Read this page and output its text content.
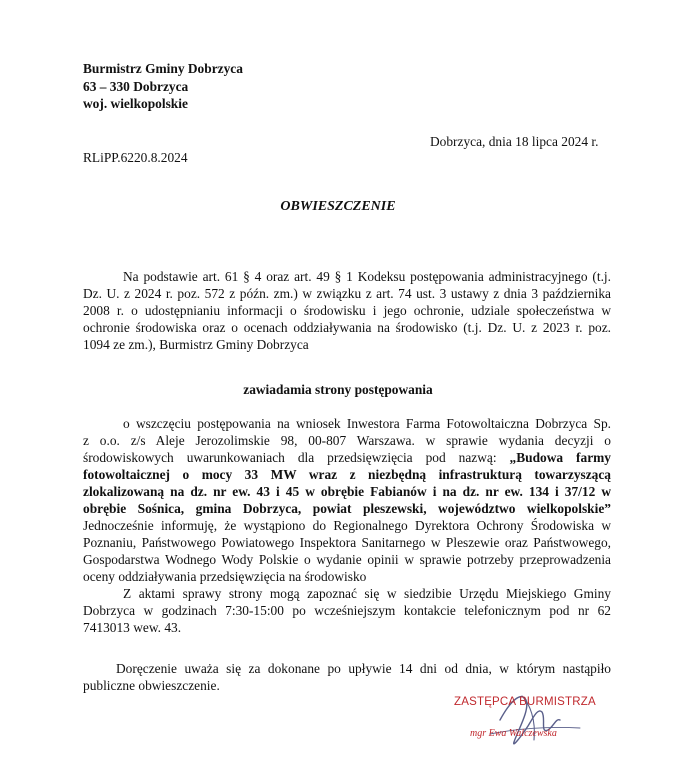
Burmistrz Gminy Dobrzyca
63 – 330 Dobrzyca
woj. wielkopolskie
Dobrzyca, dnia 18 lipca 2024 r.
RLiPP.6220.8.2024
OBWIESZCZENIE
Na podstawie art. 61 § 4 oraz art. 49 § 1 Kodeksu postępowania administracyjnego (t.j.
Dz. U. z 2024 r. poz. 572 z późn. zm.) w związku z art. 74 ust. 3 ustawy z dnia 3 października
2008 r. o udostępnianiu informacji o środowisku i jego ochronie, udziale społeczeństwa w
ochronie środowiska oraz o ocenach oddziaływania na środowisko (t.j. Dz. U. z 2023 r. poz.
1094 ze zm.), Burmistrz Gminy Dobrzyca
zawiadamia strony postępowania
o wszczęciu postępowania na wniosek Inwestora Farma Fotowoltaiczna Dobrzyca Sp.
z o.o. z/s Aleje Jerozolimskie 98, 00-807 Warszawa. w sprawie wydania decyzji o
środowiskowych uwarunkowaniach dla przedsięwzięcia pod nazwą: „Budowa farmy
fotowoltaicznej o mocy 33 MW wraz z niezbędną infrastrukturą towarzyszącą
zlokalizowaną na dz. nr ew. 43 i 45 w obrębie Fabianów i na dz. nr ew. 134 i 37/12 w
obrębie Sośnica, gmina Dobrzyca, powiat pleszewski, województwo wielkopolskie”
Jednocześnie informuję, że wystąpiono do Regionalnego Dyrektora Ochrony Środowiska w
Poznaniu, Państwowego Powiatowego Inspektora Sanitarnego w Pleszewie oraz Państwowego,
Gospodarstwa Wodnego Wody Polskie o wydanie opinii w sprawie potrzeby przeprowadzenia
oceny oddziaływania przedsięwzięcia na środowisko
Z aktami sprawy strony mogą zapoznać się w siedzibie Urzędu Miejskiego Gminy
Dobrzyca w godzinach 7:30-15:00 po wcześniejszym kontakcie telefonicznym pod nr 62
7413013 wew. 43.
Doręczenie uważa się za dokonane po upływie 14 dni od dnia, w którym nastąpiło
publiczne obwieszczenie.
ZASTĘPCA BURMISTRZA
mgr Ewa Walczewska
